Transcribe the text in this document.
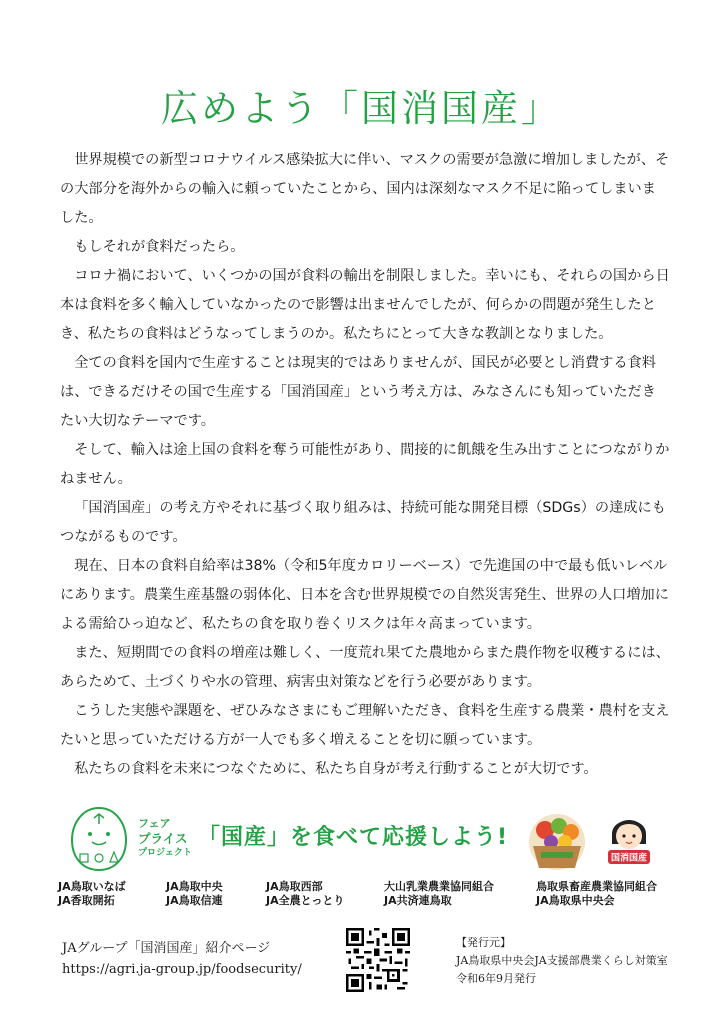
広めよう「国消国産」

世界規模での新型コロナウイルス感染拡大に伴い、マスクの需要が急激に増加しましたが、その大部分を海外からの輸入に頼っていたことから、国内は深刻なマスク不足に陥ってしまいました。

もしそれが食料だったら。

コロナ禍において、いくつかの国が食料の輸出を制限しました。幸いにも、それらの国から日本は食料を多く輸入していなかったので影響は出ませんでしたが、何らかの問題が発生したとき、私たちの食料はどうなってしまうのか。私たちにとって大きな教訓となりました。

全ての食料を国内で生産することは現実的ではありませんが、国民が必要とし消費する食料は、できるだけその国で生産する「国消国産」という考え方は、みなさんにも知っていただきたい大切なテーマです。

そして、輸入は途上国の食料を奪う可能性があり、間接的に飢餓を生み出すことにつながりかねません。

「国消国産」の考え方やそれに基づく取り組みは、持続可能な開発目標（SDGs）の達成にもつながるものです。

現在、日本の食料自給率は38%（令和5年度カロリーベース）で先進国の中で最も低いレベルにあります。農業生産基盤の弱体化、日本を含む世界規模での自然災害発生、世界の人口増加による需給ひっ迫など、私たちの食を取り巻くリスクは年々高まっています。

また、短期間での食料の増産は難しく、一度荒れ果てた農地からまた農作物を収穫するには、あらためて、土づくりや水の管理、病害虫対策などを行う必要があります。

こうした実態や課題を、ぜひみなさまにもご理解いただき、食料を生産する農業・農村を支えたいと思っていただける方が一人でも多く増えることを切に願っています。

私たちの食料を未来につなぐために、私たち自身が考え行動することが大切です。

フェア
プライス
プロジェクト
「国産」を食べて応援しよう!
国消国産
JA鳥取いなば
JA香取開拓
JA鳥取中央
JA鳥取信連
JA鳥取西部
JA全農とっとり
大山乳業農業協同組合
JA共済連鳥取
鳥取県畜産農業協同組合
JA鳥取県中央会
JAグループ「国消国産」紹介ページ
https://agri.ja-group.jp/foodsecurity/
【発行元】
JA鳥取県中央会JA支援部農業くらし対策室
令和6年9月発行
